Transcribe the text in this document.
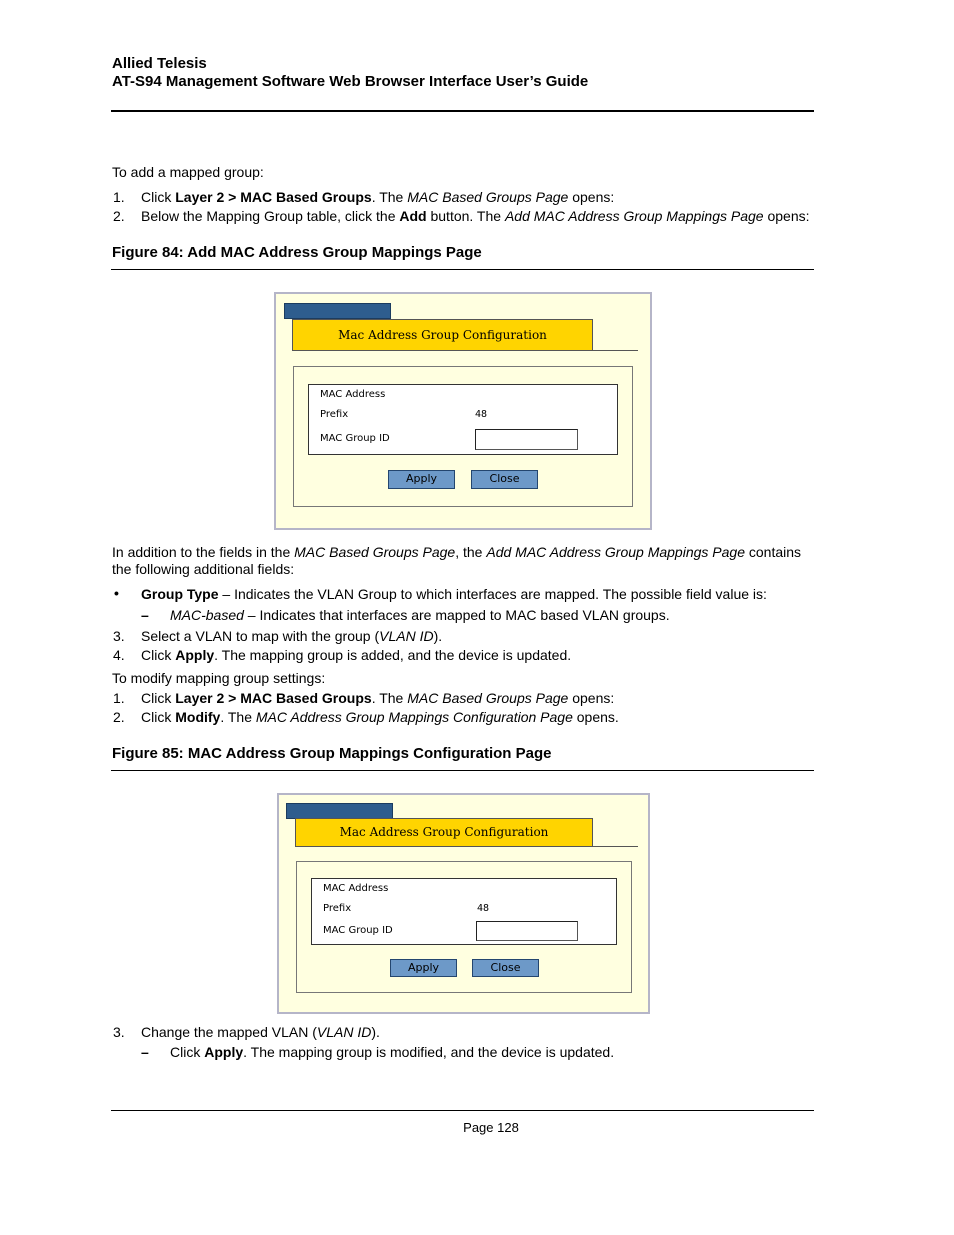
Allied Telesis
AT-S94 Management Software Web Browser Interface User’s Guide
To add a mapped group:
1. Click Layer 2 > MAC Based Groups. The MAC Based Groups Page opens:
2. Below the Mapping Group table, click the Add button. The Add MAC Address Group Mappings Page opens:
Figure 84: Add MAC Address Group Mappings Page
Mac Address Group Configuration
MAC Address
Prefix	48
MAC Group ID
Apply	Close
In addition to the fields in the MAC Based Groups Page, the Add MAC Address Group Mappings Page contains
the following additional fields:
• Group Type – Indicates the VLAN Group to which interfaces are mapped. The possible field value is:
– MAC-based – Indicates that interfaces are mapped to MAC based VLAN groups.
3. Select a VLAN to map with the group (VLAN ID).
4. Click Apply. The mapping group is added, and the device is updated.
To modify mapping group settings:
1. Click Layer 2 > MAC Based Groups. The MAC Based Groups Page opens:
2. Click Modify. The MAC Address Group Mappings Configuration Page opens.
Figure 85: MAC Address Group Mappings Configuration Page
Mac Address Group Configuration
MAC Address
Prefix	48
MAC Group ID
Apply	Close
3. Change the mapped VLAN (VLAN ID).
– Click Apply. The mapping group is modified, and the device is updated.
Page 128
